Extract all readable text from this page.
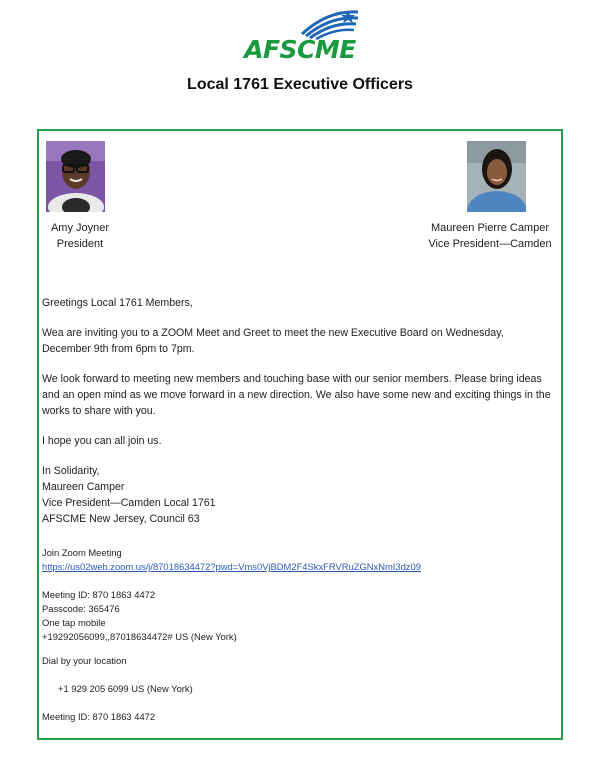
AFSCME
Local 1761 Executive Officers
Amy Joyner
President
Maureen Pierre Camper
Vice President—Camden

Greetings Local 1761 Members,

Wea are inviting you to a ZOOM Meet and Greet to meet the new Executive Board on Wednesday, December 9th from 6pm to 7pm.

We look forward to meeting new members and touching base with our senior members. Please bring ideas and an open mind as we move forward in a new direction. We also have some new and exciting things in the works to share with you.

I hope you can all join us.

In Solidarity,

Maureen Camper

Vice President—Camden Local 1761

AFSCME New Jersey, Council 63

Join Zoom Meeting

https://us02web.zoom.us/j/87018634472?pwd=Vms0VjBDM2F4SkxFRVRuZGNxNmI3dz09

Meeting ID: 870 1863 4472

Passcode: 365476

One tap mobile

+19292056099,,87018634472# US (New York)

Dial by your location

+1 929 205 6099 US (New York)

Meeting ID: 870 1863 4472
